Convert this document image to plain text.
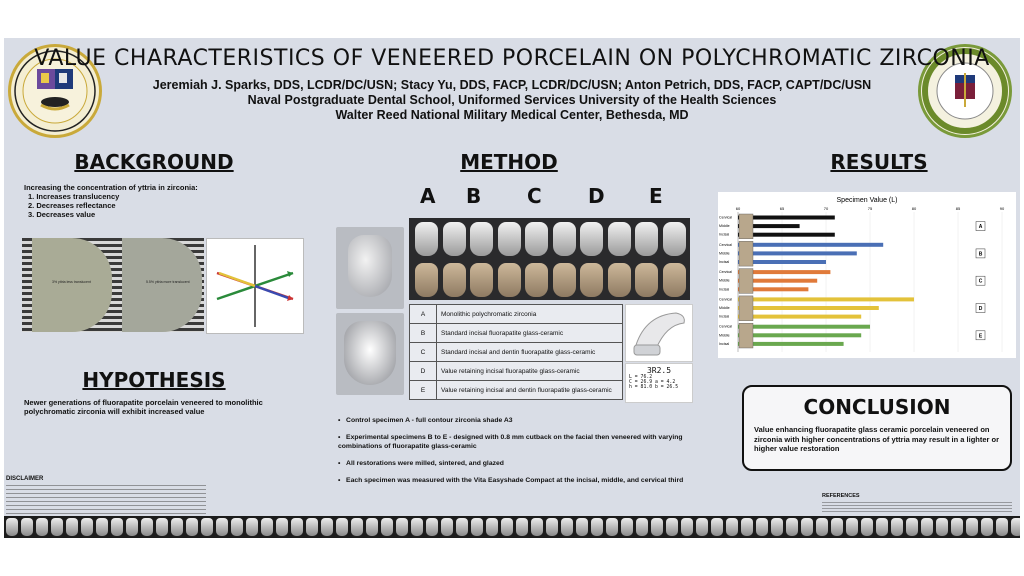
VALUE CHARACTERISTICS OF VENEERED PORCELAIN ON POLYCHROMATIC ZIRCONIA
Jeremiah J. Sparks, DDS, LCDR/DC/USN; Stacy Yu, DDS, FACP, LCDR/DC/USN; Anton Petrich, DDS, FACP, CAPT/DC/USN
Naval Postgraduate Dental School, Uniformed Services University of the Health Sciences
Walter Reed National Military Medical Center, Bethesda, MD
BACKGROUND
Increasing the concentration of yttria in zirconia:
1. Increases translucency
2. Decreases reflectance
3. Decreases value
3% yttria less translucent	5.5% yttria more translucent
HYPOTHESIS
Newer generations of fluorapatite porcelain veneered to monolithic polychromatic zirconia will exhibit increased value
DISCLAIMER
METHOD
A B C D E
A	Monolithic polychromatic zirconia
B	Standard incisal fluorapatite glass-ceramic
C	Standard incisal and dentin fluorapatite glass-ceramic
D	Value retaining incisal fluorapatite glass-ceramic
E	Value retaining incisal and dentin fluorapatite glass-ceramic
3R2.5
L = 76.2
C = 26.9 a = 4.2
h = 81.0 b = 26.5
•   Control specimen A - full contour zirconia shade A3
•   Experimental specimens B to E - designed with 0.8 mm cutback on the facial then veneered with varying combinations of fluorapatite glass-ceramic
•   All restorations were milled, sintered, and glazed
•   Each specimen was measured with the Vita Easyshade Compact at the incisal, middle, and cervical third
RESULTS
Specimen Value (L)
60	65	70	75	80	85	90
Cervical
Middle
Incisal
A
Cervical
Middle
Incisal
B
Cervical
Middle
Incisal
C
Cervical
Middle
Incisal
D
Cervical
Middle
Incisal
E
CONCLUSION
Value enhancing fluorapatite glass ceramic porcelain veneered on zirconia with higher concentrations of yttria may result in a lighter or higher value restoration
REFERENCES
